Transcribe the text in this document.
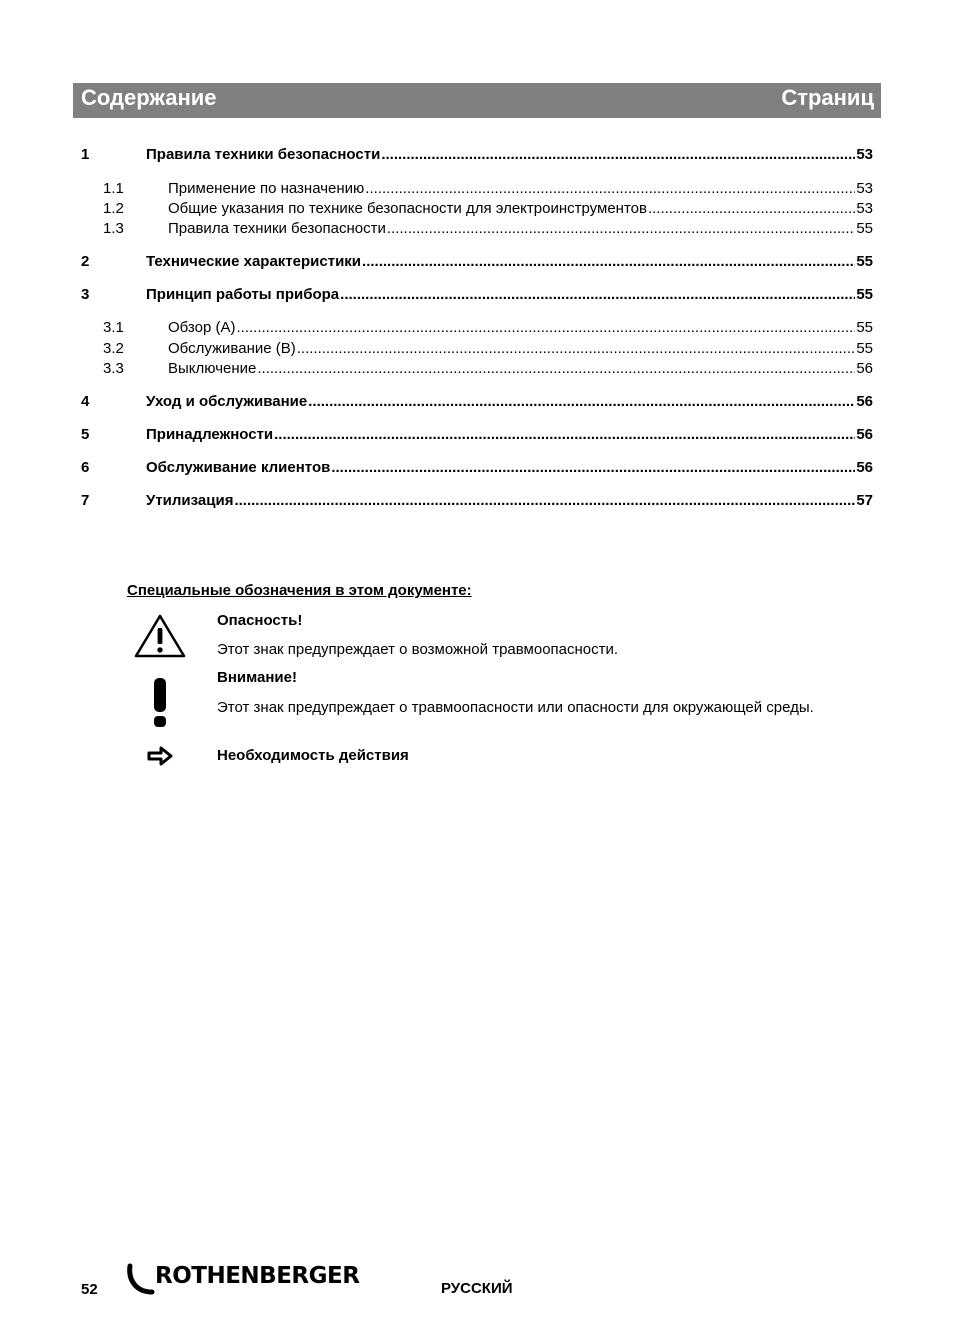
Содержание	Страниц
1	Правила техники безопасности .....	53
1.1	Применение по назначению .....	53
1.2	Общие указания по технике безопасности для электроинструментов .....	53
1.3	Правила техники безопасности .....	55
2	Технические характеристики .....	55
3	Принцип работы прибора .....	55
3.1	Обзор (A) .....	55
3.2	Обслуживание (B) .....	55
3.3	Выключение .....	56
4	Уход и обслуживание .....	56
5	Принадлежности .....	56
6	Обслуживание клиентов .....	56
7	Утилизация .....	57
Специальные обозначения в этом документе:
Опасность!
Этот знак предупреждает о возможной травмоопасности.
Внимание!
Этот знак предупреждает о травмоопасности или опасности для окружающей среды.
Необходимость действия
52
ROTHENBERGER	РУССКИЙ
